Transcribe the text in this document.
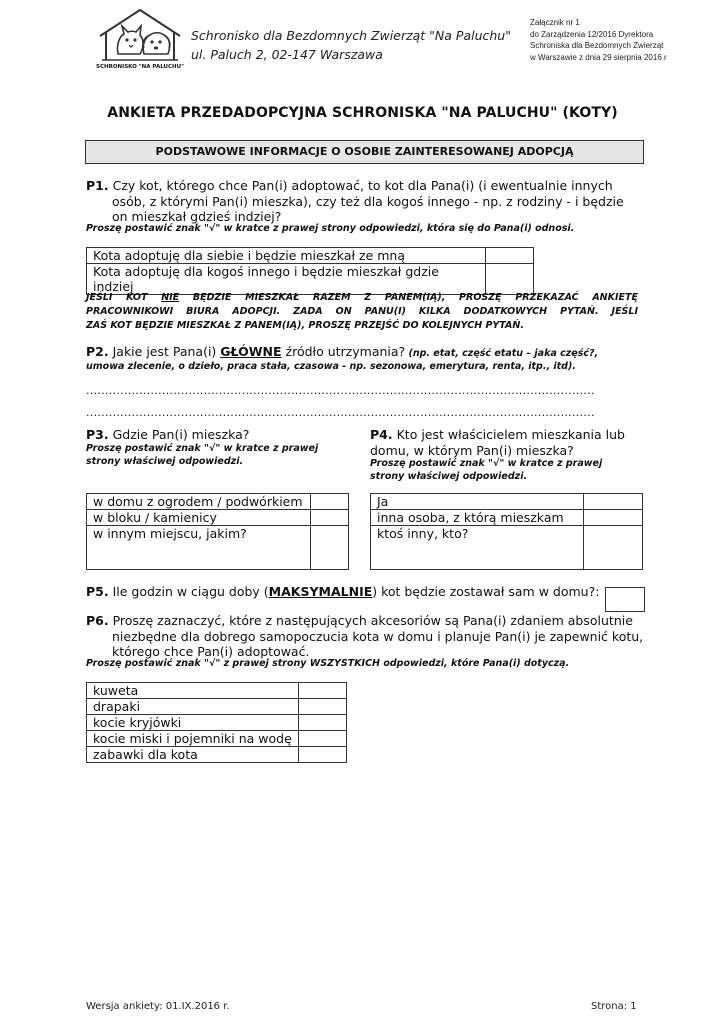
SCHRONISKO "NA PALUCHU"
Schronisko dla Bezdomnych Zwierząt "Na Paluchu"
ul. Paluch 2, 02-147 Warszawa
Załącznik nr 1
do Zarządzenia 12/2016 Dyrektora
Schroniska dla Bezdomnych Zwierząt
w Warszawie z dnia 29 sierpnia 2016 r
ANKIETA PRZEDADOPCYJNA SCHRONISKA "NA PALUCHU" (KOTY)
PODSTAWOWE INFORMACJE O OSOBIE ZAINTERESOWANEJ ADOPCJĄ
P1. Czy kot, którego chce Pan(i) adoptować, to kot dla Pana(i) (i ewentualnie innych
osób, z którymi Pan(i) mieszka), czy też dla kogoś innego - np. z rodziny - i będzie
on mieszkał gdzieś indziej?
Proszę postawić znak "√" w kratce z prawej strony odpowiedzi, która się do Pana(i) odnosi.
Kota adoptuję dla siebie i będzie mieszkał ze mną	
Kota adoptuję dla kogoś innego i będzie mieszkał gdzie indziej	
JEŚLI KOT NIE BĘDZIE MIESZKAŁ RAZEM Z PANEM(IĄ), PROSZĘ PRZEKAZAĆ ANKIETĘ
PRACOWNIKOWI BIURA ADOPCJI. ZADA ON PANU(I) KILKA DODATKOWYCH PYTAŃ. JEŚLI
ZAŚ KOT BĘDZIE MIESZKAŁ Z PANEM(IĄ), PROSZĘ PRZEJŚĆ DO KOLEJNYCH PYTAŃ.
P2. Jakie jest Pana(i) GŁÓWNE źródło utrzymania? (np. etat, część etatu – jaka część?,
umowa zlecenie, o dzieło, praca stała, czasowa - np. sezonowa, emerytura, renta, itp., itd).
......................................................................................................................................
......................................................................................................................................
P3. Gdzie Pan(i) mieszka?
Proszę postawić znak "√" w kratce z prawej
strony właściwej odpowiedzi.
w domu z ogrodem / podwórkiem	
w bloku / kamienicy	
w innym miejscu, jakim?	
P4. Kto jest właścicielem mieszkania lub
domu, w którym Pan(i) mieszka?
Proszę postawić znak "√" w kratce z prawej
strony właściwej odpowiedzi.
Ja	
inna osoba, z którą mieszkam	
ktoś inny, kto?	
P5. Ile godzin w ciągu doby (MAKSYMALNIE) kot będzie zostawał sam w domu?:
P6. Proszę zaznaczyć, które z następujących akcesoriów są Pana(i) zdaniem absolutnie
niezbędne dla dobrego samopoczucia kota w domu i planuje Pan(i) je zapewnić kotu,
którego chce Pan(i) adoptować.
Proszę postawić znak "√" z prawej strony WSZYSTKICH odpowiedzi, które Pana(i) dotyczą.
kuweta	
drapaki	
kocie kryjówki	
kocie miski i pojemniki na wodę	
zabawki dla kota	
Wersja ankiety: 01.IX.2016 r.	Strona: 1
